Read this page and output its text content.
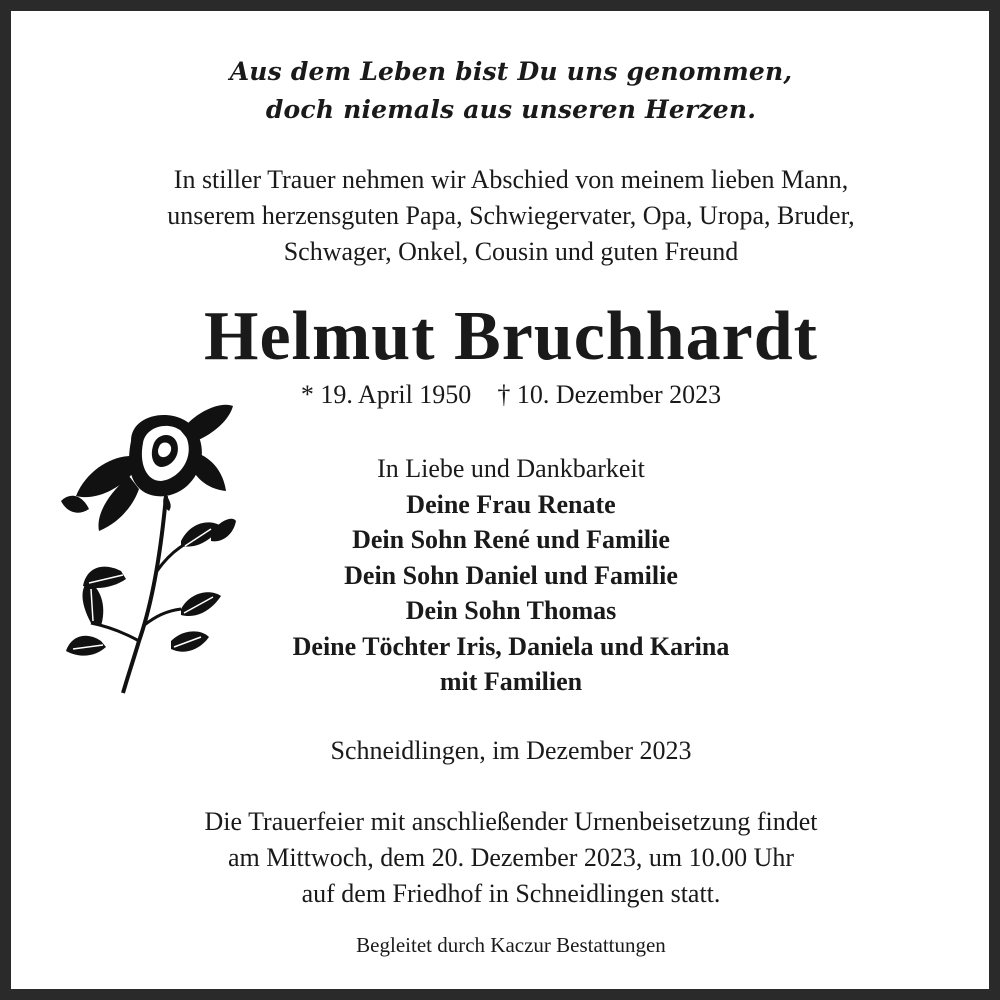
Aus dem Leben bist Du uns genommen,
doch niemals aus unseren Herzen.
In stiller Trauer nehmen wir Abschied von meinem lieben Mann,
unserem herzensguten Papa, Schwiegervater, Opa, Uropa, Bruder,
Schwager, Onkel, Cousin und guten Freund
Helmut Bruchhardt
* 19. April 1950 † 10. Dezember 2023
In Liebe und Dankbarkeit
Deine Frau Renate
Dein Sohn René und Familie
Dein Sohn Daniel und Familie
Dein Sohn Thomas
Deine Töchter Iris, Daniela und Karina
mit Familien
Schneidlingen, im Dezember 2023
Die Trauerfeier mit anschließender Urnenbeisetzung findet
am Mittwoch, dem 20. Dezember 2023, um 10.00 Uhr
auf dem Friedhof in Schneidlingen statt.
Begleitet durch Kaczur Bestattungen
